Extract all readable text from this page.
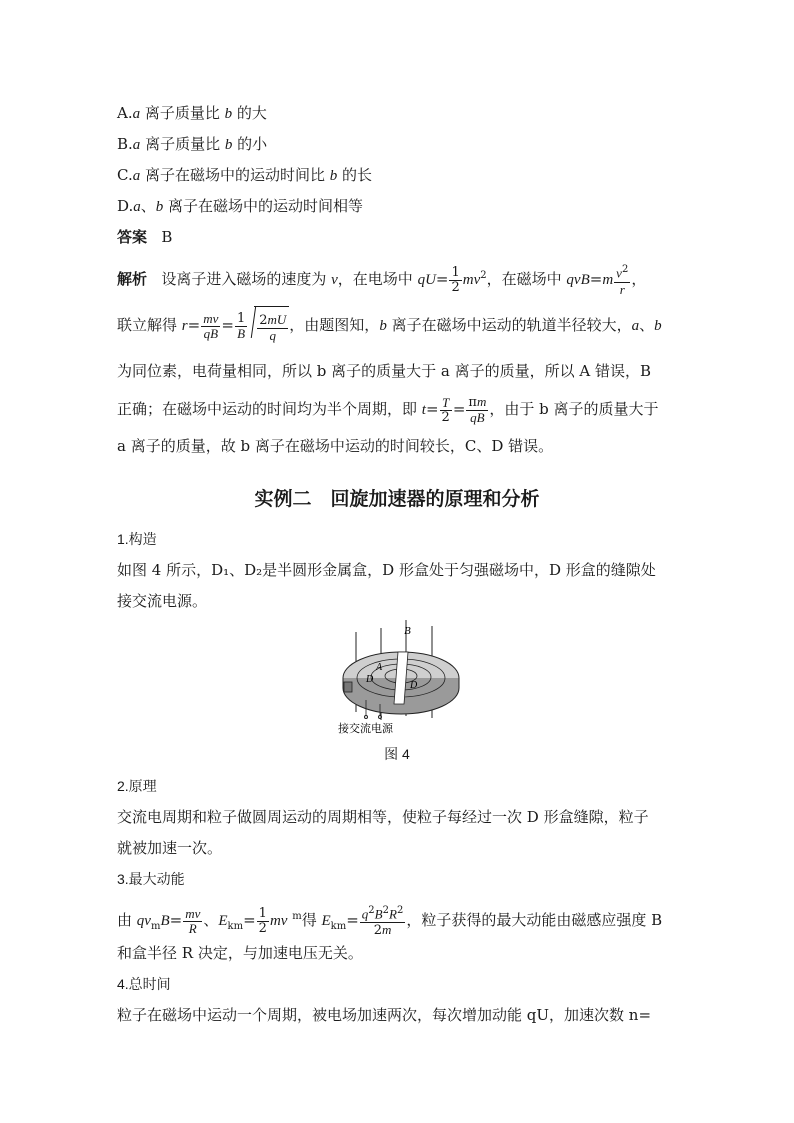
A.a 离子质量比 b 的大
B.a 离子质量比 b 的小
C.a 离子在磁场中的运动时间比 b 的长
D.a、b 离子在磁场中的运动时间相等
答案 B
解析 设离子进入磁场的速度为 v，在电场中 $qU= \frac{1}{2} mv^2$，在磁场中 $qvB=m \frac{v^2}{r}$ ，
联立解得 $r= \frac{mv}{qB} = \frac{1}{B} \frac{2mU}{q}$ ，由题图知，b 离子在磁场中运动的轨道半径较大，a、b
为同位素，电荷量相同，所以 b 离子的质量大于 a 离子的质量，所以 A 错误，B
正确；在磁场中运动的时间均为半个周期，即 $t= \frac{T}{2} = \frac{\pi m}{qB}$ ，由于 b 离子的质量大于
a 离子的质量，故 b 离子在磁场中运动的时间较长，C、D 错误。
实例二　回旋加速器的原理和分析
1.构造
如图 4 所示，D₁、D₂是半圆形金属盒，D 形盒处于匀强磁场中，D 形盒的缝隙处
接交流电源。
B
A
D
D
接交流电源
图 4
2.原理
交流电周期和粒子做圆周运动的周期相等，使粒子每经过一次 D 形盒缝隙，粒子
就被加速一次。
3.最大动能
由 $qv_mB= \frac{mv}{R}$ 、$E_{km}= \frac{1}{2}$ mv $^m$得 $E_{km}= \frac{q^2B^2R^2}{2m}$ ，粒子获得的最大动能由磁感应强度 B
和盒半径 R 决定，与加速电压无关。
4.总时间
粒子在磁场中运动一个周期，被电场加速两次，每次增加动能 qU，加速次数 n=
